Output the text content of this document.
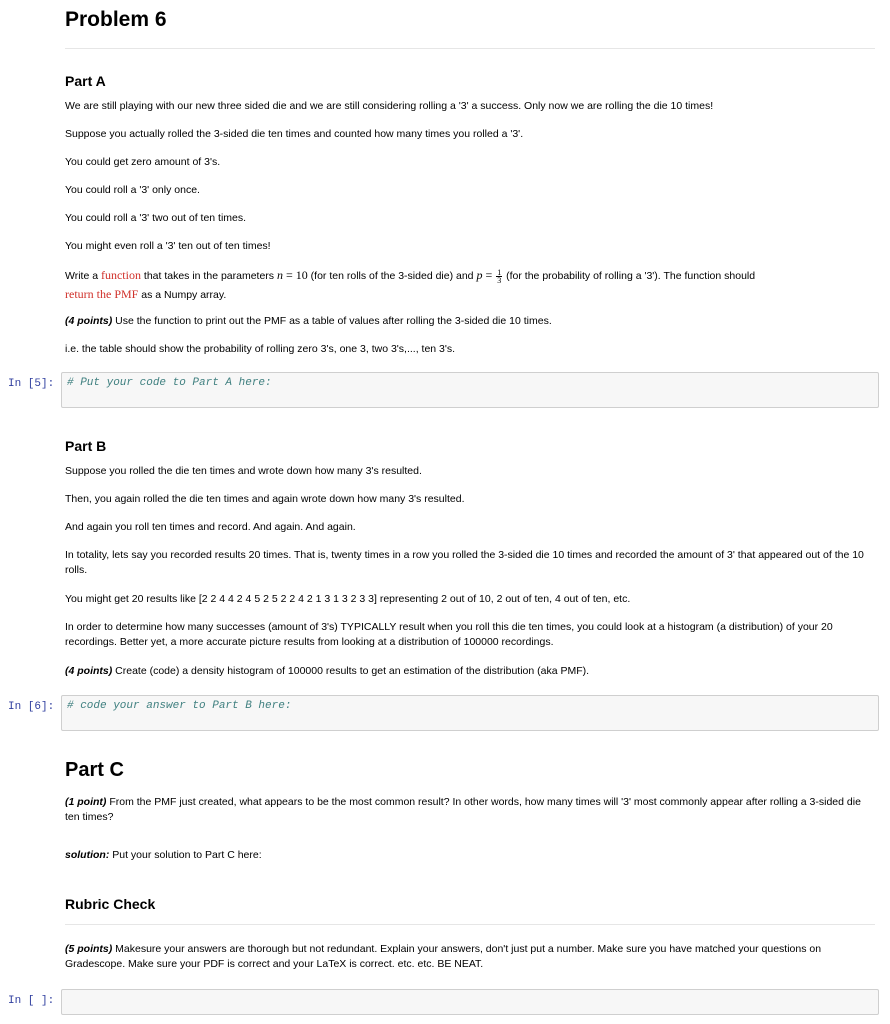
Problem 6
Part A
We are still playing with our new three sided die and we are still considering rolling a '3' a success. Only now we are rolling the die 10 times!
Suppose you actually rolled the 3-sided die ten times and counted how many times you rolled a '3'.
You could get zero amount of 3's.
You could roll a '3' only once.
You could roll a '3' two out of ten times.
You might even roll a '3' ten out of ten times!
Write a function that takes in the parameters n = 10 (for ten rolls of the 3-sided die) and $p = \frac{1}{3} (for$ the probability of rolling a '3'). The function should
return the PMF as a Numpy array.
(4 points) Use the function to print out the PMF as a table of values after rolling the 3-sided die 10 times.
i.e. the table should show the probability of rolling zero 3's, one 3, two 3's,..., ten 3's.
In [5]:	# Put your code to Part A here:
Part B
Suppose you rolled the die ten times and wrote down how many 3's resulted.
Then, you again rolled the die ten times and again wrote down how many 3's resulted.
And again you roll ten times and record. And again. And again.
In totality, lets say you recorded results 20 times. That is, twenty times in a row you rolled the 3-sided die 10 times and recorded the amount of 3' that appeared out of the 10 rolls.
You might get 20 results like [2 2 4 4 2 4 5 2 5 2 2 4 2 1 3 1 3 2 3 3] representing 2 out of 10, 2 out of ten, 4 out of ten, etc.
In order to determine how many successes (amount of 3's) TYPICALLY result when you roll this die ten times, you could look at a histogram (a distribution) of your 20 recordings. Better yet, a more accurate picture results from looking at a distribution of 100000 recordings.
(4 points) Create (code) a density histogram of 100000 results to get an estimation of the distribution (aka PMF).
In [6]:	# code your answer to Part B here:
Part C
(1 point) From the PMF just created, what appears to be the most common result? In other words, how many times will '3' most commonly appear after rolling a 3-sided die ten times?
solution: Put your solution to Part C here:
Rubric Check
(5 points) Makesure your answers are thorough but not redundant. Explain your answers, don't just put a number. Make sure you have matched your questions on Gradescope. Make sure your PDF is correct and your LaTeX is correct. etc. etc. BE NEAT.
In [ ]:
